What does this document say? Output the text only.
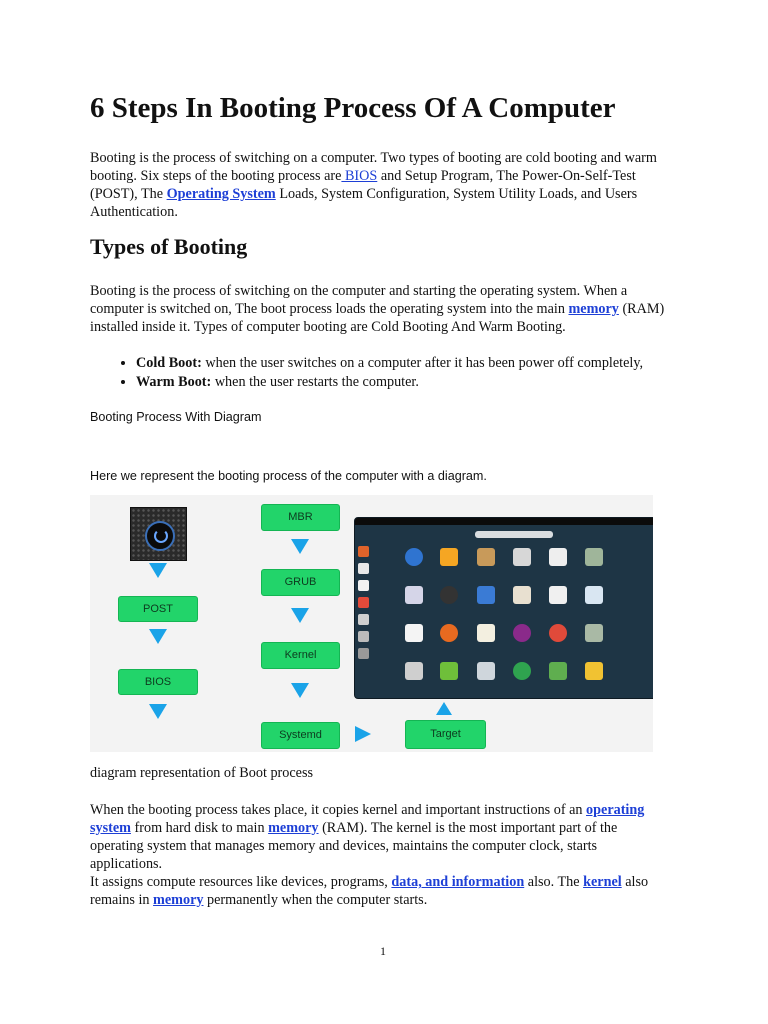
6 Steps In Booting Process Of A Computer

Booting is the process of switching on a computer. Two types of booting are cold booting and warm booting. Six steps of the booting process are BIOS and Setup Program, The Power-On-Self-Test (POST), The Operating System Loads, System Configuration, System Utility Loads, and Users Authentication.

Types of Booting

Booting is the process of switching on the computer and starting the operating system. When a computer is switched on, The boot process loads the operating system into the main memory (RAM) installed inside it. Types of computer booting are Cold Booting And Warm Booting.

• Cold Boot: when the user switches on a computer after it has been power off completely,
• Warm Boot: when the user restarts the computer.
Booting Process With Diagram
Here we represent the booting process of the computer with a diagram.
POST
BIOS
MBR
GRUB
Kernel
Systemd	Target
diagram representation of Boot process

When the booting process takes place, it copies kernel and important instructions of an operating system from hard disk to main memory (RAM). The kernel is the most important part of the operating system that manages memory and devices, maintains the computer clock, starts applications.
It assigns compute resources like devices, programs, data, and information also. The kernel also remains in memory permanently when the computer starts.

1
